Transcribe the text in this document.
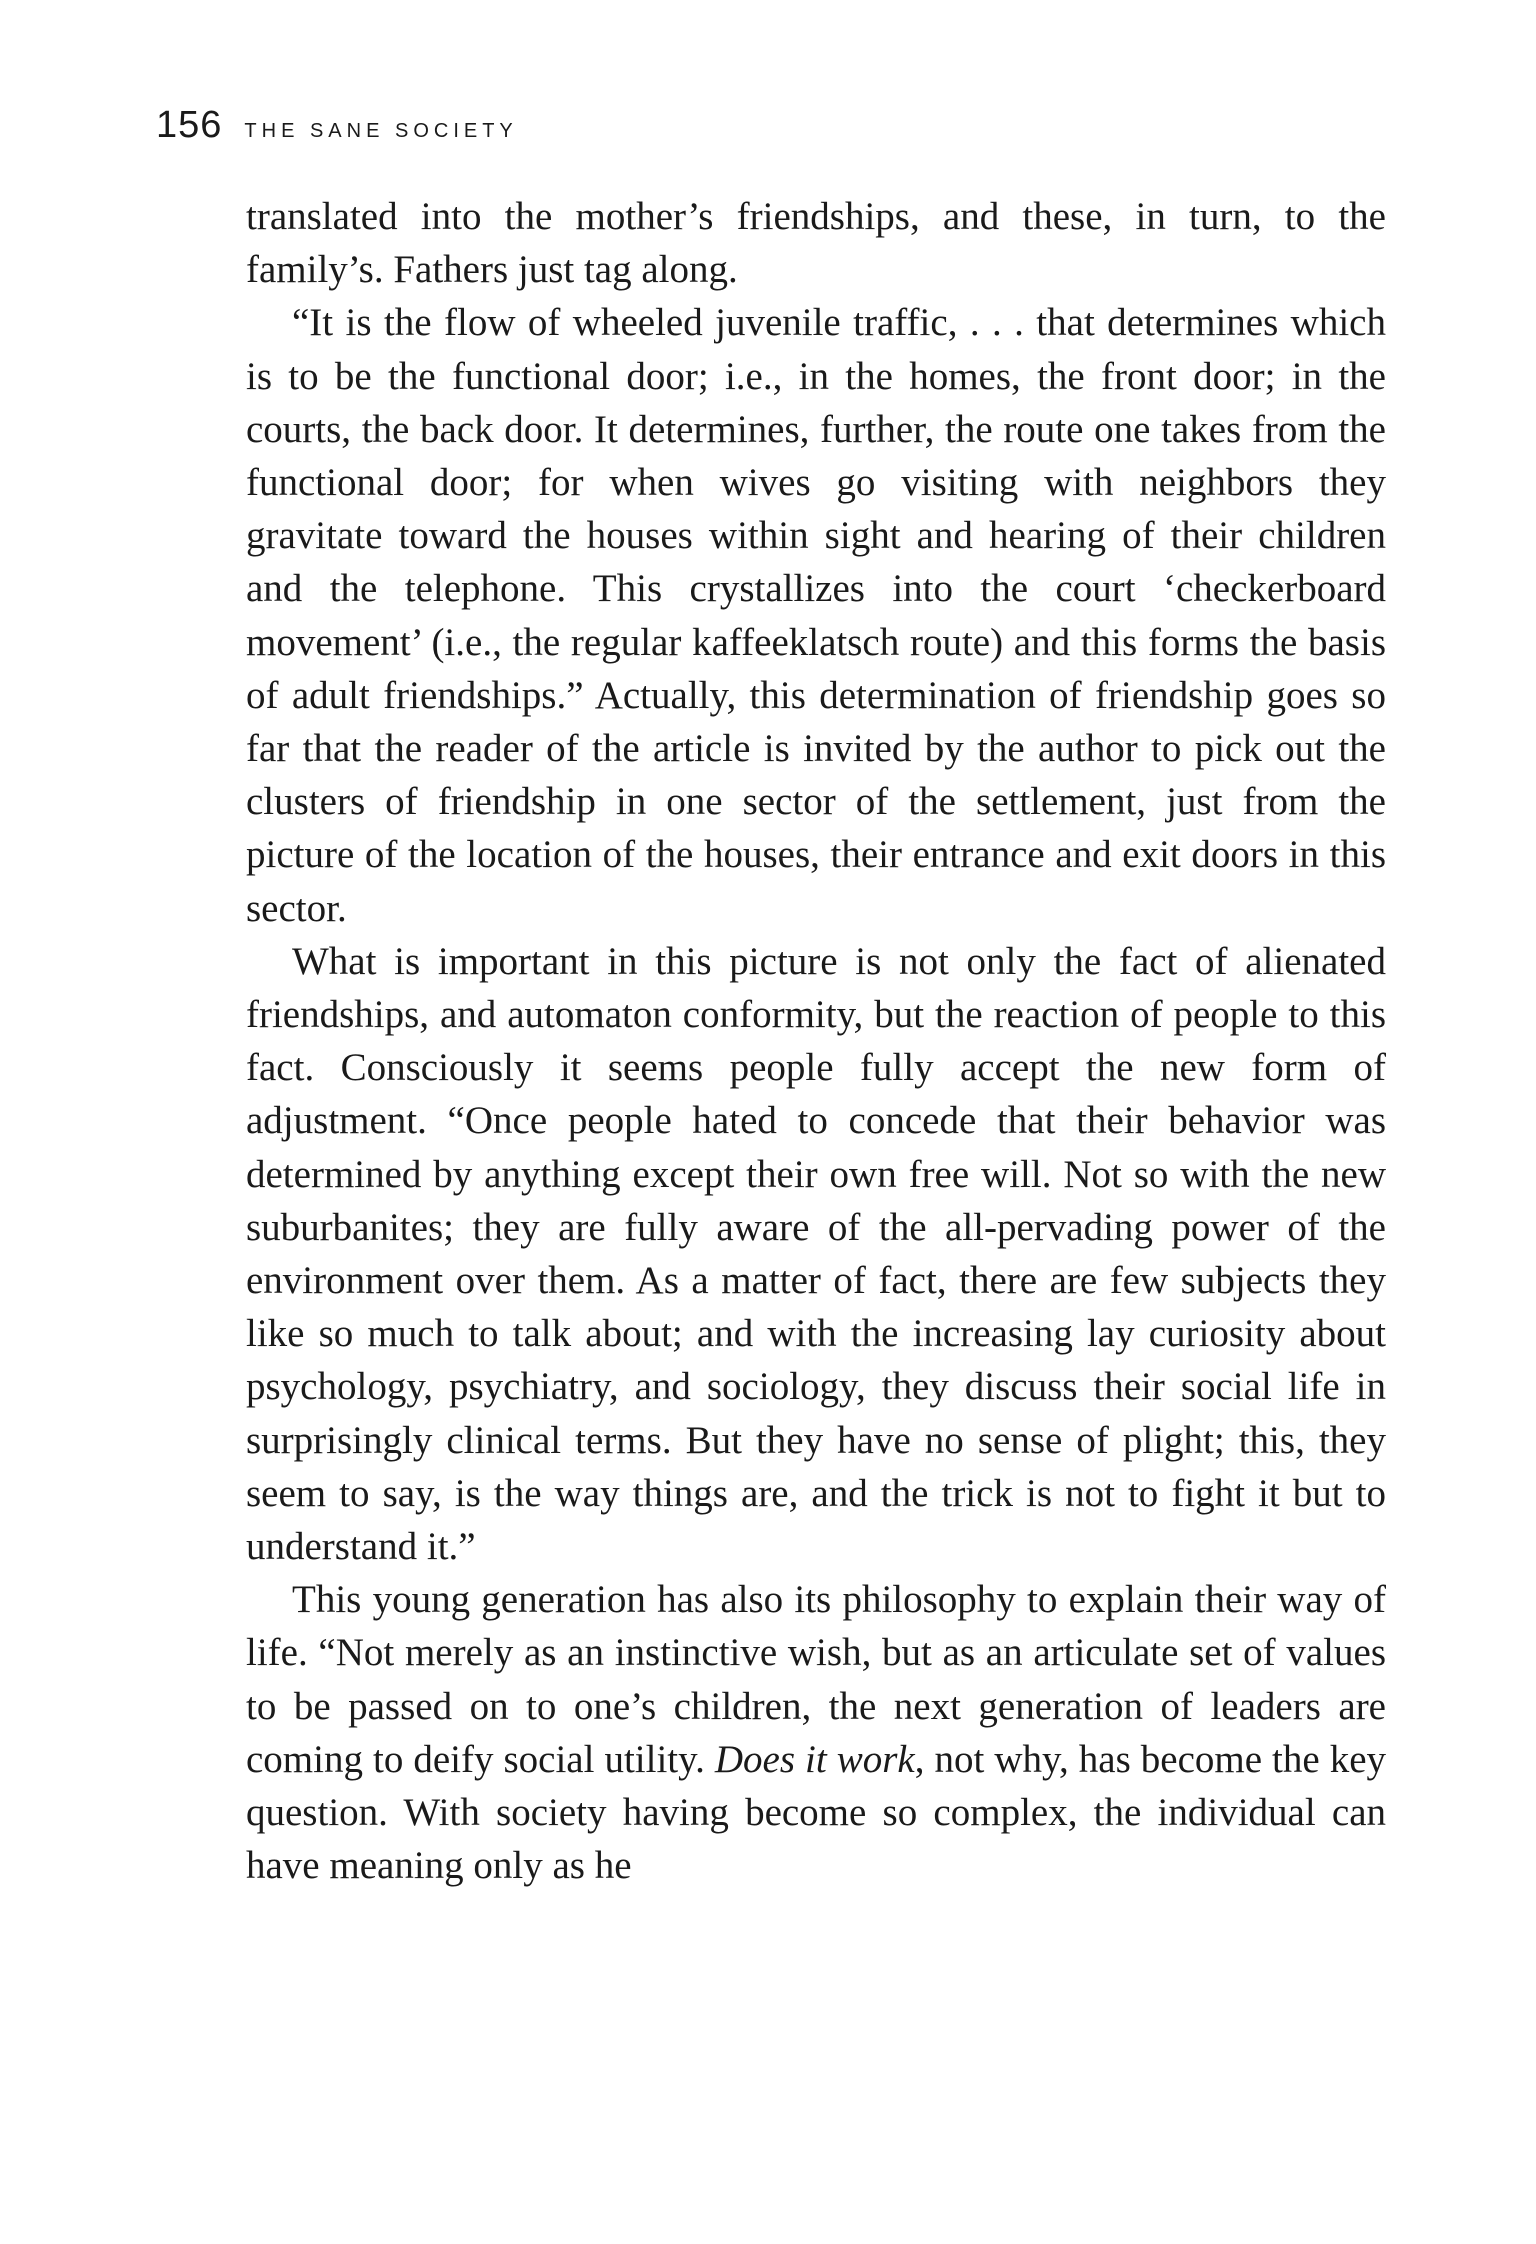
156 THE SANE SOCIETY

translated into the mother’s friendships, and these, in turn, to the family’s. Fathers just tag along.

“It is the flow of wheeled juvenile traffic, . . . that determines which is to be the functional door; i.e., in the homes, the front door; in the courts, the back door. It determines, further, the route one takes from the functional door; for when wives go visiting with neighbors they gravitate toward the houses within sight and hearing of their children and the telephone. This crystallizes into the court ‘checkerboard movement’ (i.e., the regular kaffeeklatsch route) and this forms the basis of adult friendships.” Actually, this determination of friendship goes so far that the reader of the article is invited by the author to pick out the clusters of friendship in one sector of the settlement, just from the picture of the location of the houses, their entrance and exit doors in this sector.

What is important in this picture is not only the fact of alienated friendships, and automaton conformity, but the reaction of people to this fact. Consciously it seems people fully accept the new form of adjustment. “Once people hated to concede that their behavior was determined by anything except their own free will. Not so with the new suburbanites; they are fully aware of the all-pervading power of the environment over them. As a matter of fact, there are few subjects they like so much to talk about; and with the increasing lay curiosity about psychology, psychiatry, and sociology, they discuss their social life in surprisingly clinical terms. But they have no sense of plight; this, they seem to say, is the way things are, and the trick is not to fight it but to understand it.”

This young generation has also its philosophy to explain their way of life. “Not merely as an instinctive wish, but as an articulate set of values to be passed on to one’s children, the next generation of leaders are coming to deify social utility. Does it work, not why, has become the key question. With society having become so complex, the individual can have meaning only as he
